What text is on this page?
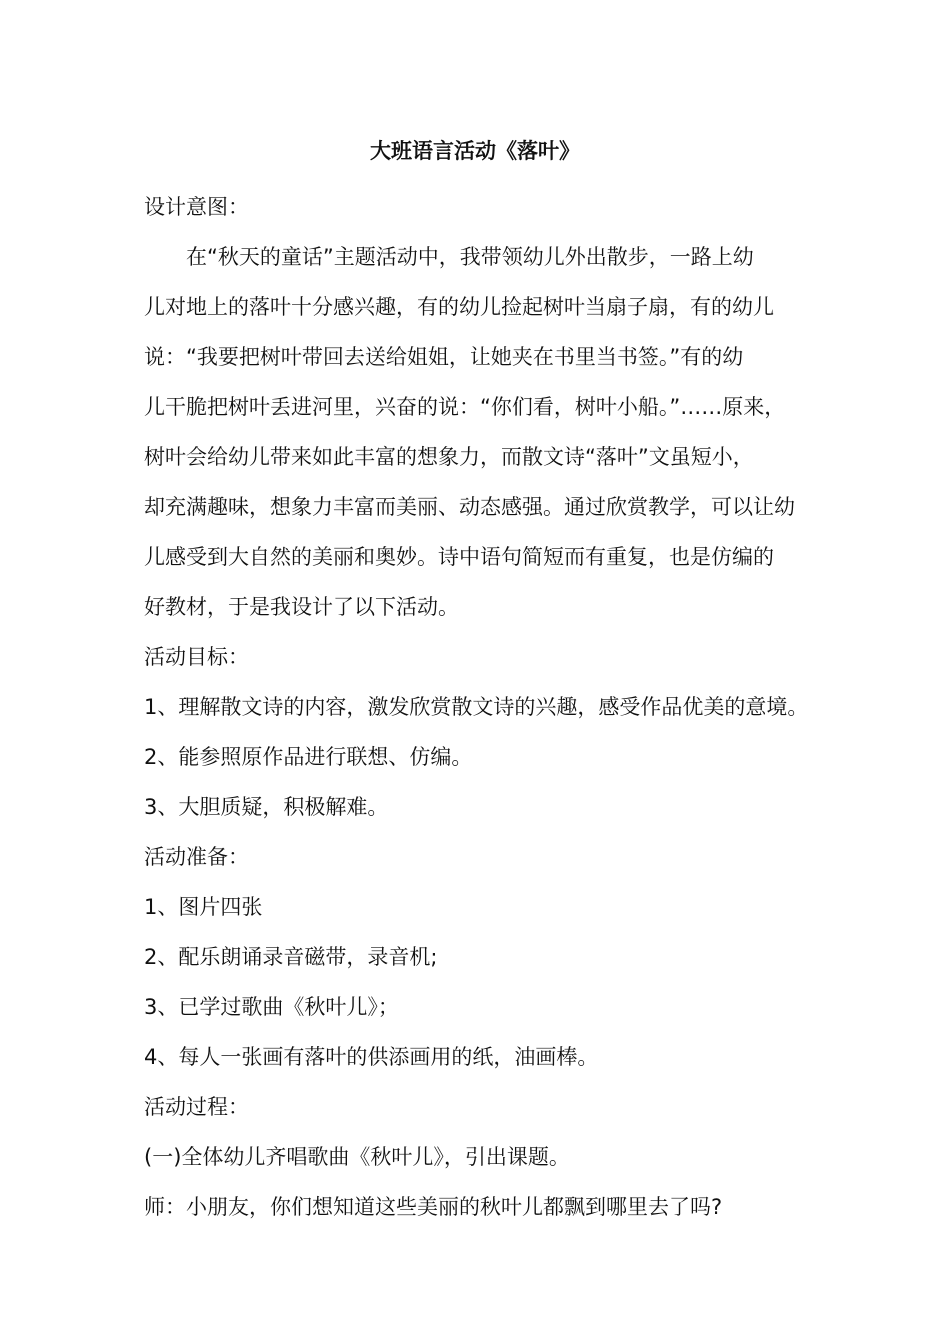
大班语言活动《落叶》
设计意图：
在“秋天的童话”主题活动中，我带领幼儿外出散步，一路上幼
儿对地上的落叶十分感兴趣，有的幼儿捡起树叶当扇子扇，有的幼儿
说：“我要把树叶带回去送给姐姐，让她夹在书里当书签。”有的幼
儿干脆把树叶丢进河里，兴奋的说：“你们看，树叶小船。”……原来，
树叶会给幼儿带来如此丰富的想象力，而散文诗“落叶”文虽短小，
却充满趣味，想象力丰富而美丽、动态感强。通过欣赏教学，可以让幼
儿感受到大自然的美丽和奥妙。诗中语句简短而有重复，也是仿编的
好教材，于是我设计了以下活动。
活动目标：
1、理解散文诗的内容，激发欣赏散文诗的兴趣，感受作品优美的意境。
2、能参照原作品进行联想、仿编。
3、大胆质疑，积极解难。
活动准备：
1、图片四张
2、配乐朗诵录音磁带，录音机;
3、已学过歌曲《秋叶儿》；
4、每人一张画有落叶的供添画用的纸，油画棒。
活动过程：
(一)全体幼儿齐唱歌曲《秋叶儿》，引出课题。
师：小朋友，你们想知道这些美丽的秋叶儿都飘到哪里去了吗?
